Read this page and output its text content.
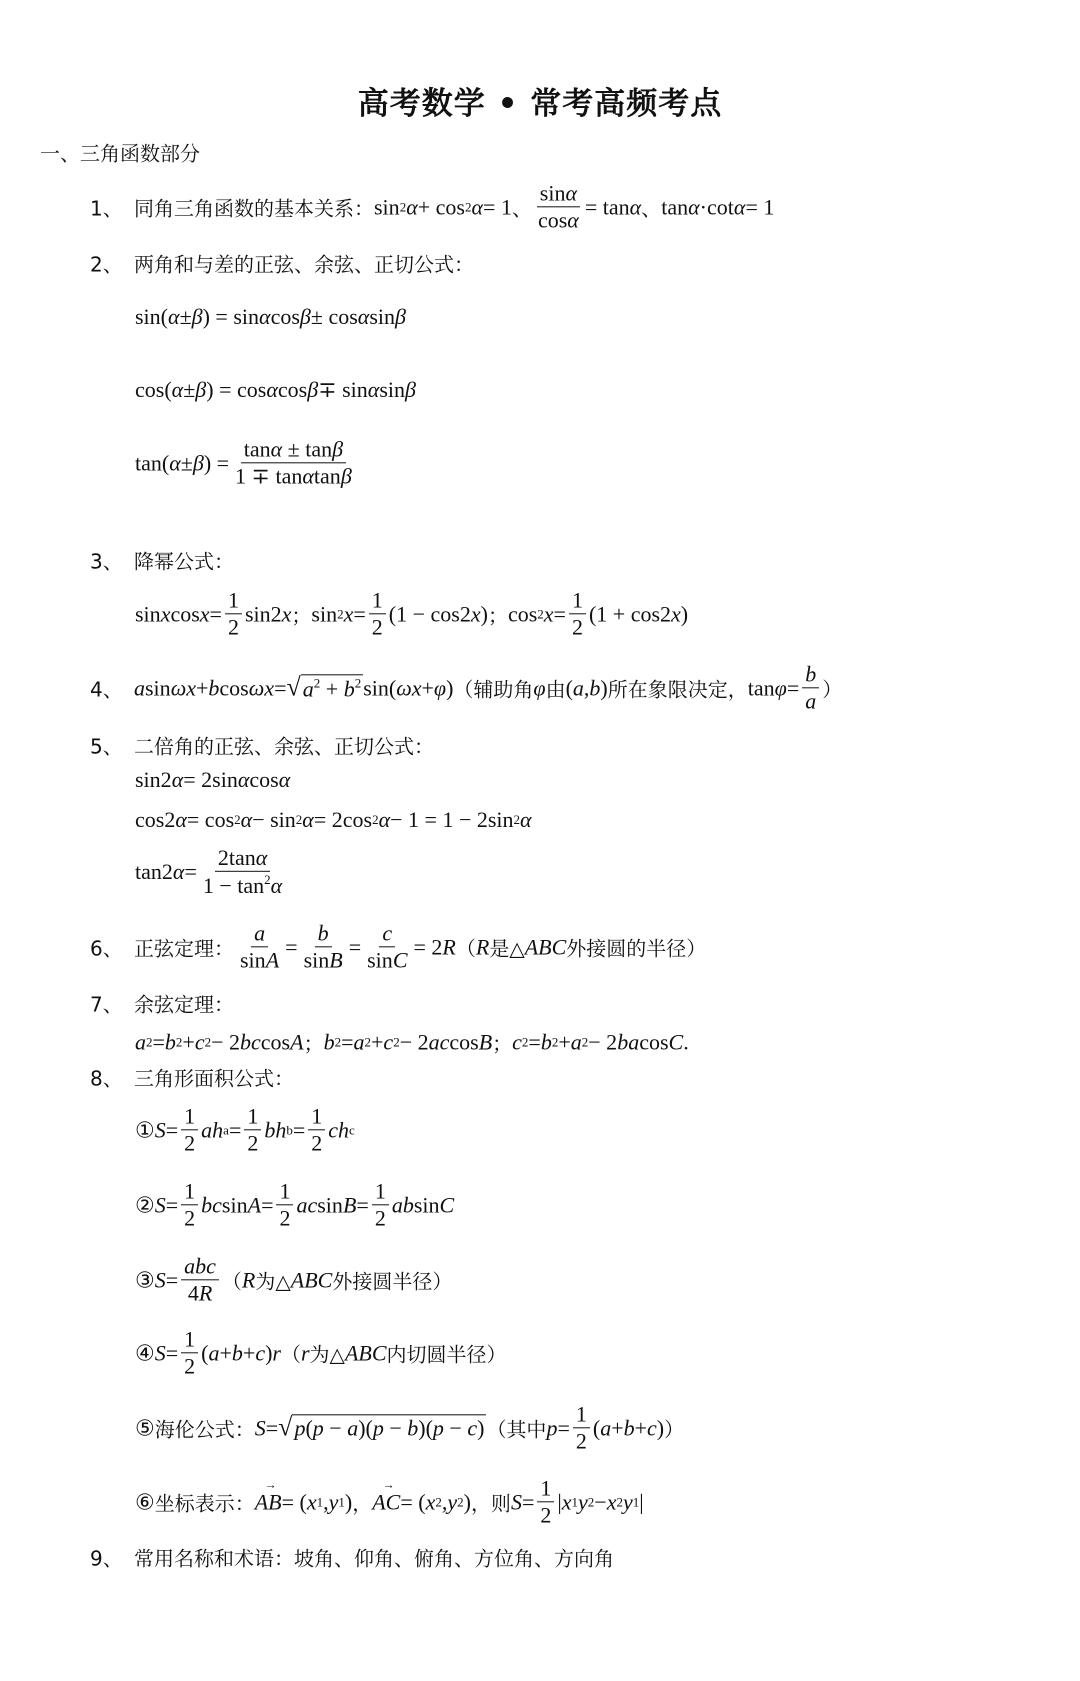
高考数学 • 常考高频考点
一、三角函数部分
1、 同角三角函数的基本关系： sin 2 α + cos 2 α = 1 、 $\frac{\sin\alpha}{\cos\alpha} = \tan \alpha$ 、 tan α ·cot α = 1
2、 两角和与差的正弦、余弦、正切公式：
sin( α ± β ) = sin α cos β ± cos α sin β
cos( α ± β ) = cos α cos β ∓ sin α sin β
tan( α ± β ) = $\frac{\tan\alpha \pm \tan\beta}{1 \mp \tan\alpha\tan\beta}$
3、 降幂公式：
sin x $\cos x = \frac{1}{2} \sin 2$ x ； sin 2 $x = \frac{1}{2} (1 - \cos 2$ x ) ； cos 2 $x = \frac{1}{2} (1 + \cos 2$ x )
4、 a sin ωx + b cos ωx = √ $a^2 + b^2$ sin( ωx + φ ) （辅助角 φ 由 ( a , b ) 所在象限决定， $\tan \varphi = \frac{b}{a}$ ）
5、 二倍角的正弦、余弦、正切公式：
sin2 α = 2sin α cos α
cos2 α = cos 2 α − sin 2 α = 2cos 2 α − 1 = 1 − 2sin 2 α
tan2 $\alpha = \frac{2\tan\alpha}{1 - \tan^2\alpha}$
6、 正弦定理： $\frac{a}{\sin A} = \frac{b}{\sin B} = \frac{c}{\sin C} = 2$ R （ R 是△ ABC 外接圆的半径）
7、 余弦定理：
a 2 = b 2 + c 2 − 2 bc cos A ； b 2 = a 2 + c 2 − 2 ac cos B ； c 2 = b 2 + a 2 − 2 ba cos C .
8、 三角形面积公式：
① $S = \frac{1}{2}$ ah $a = \frac{1}{2}$ bh $b = \frac{1}{2}$ ch c
② $S = \frac{1}{2}$ bc $\sin A = \frac{1}{2}$ ac $\sin B = \frac{1}{2}$ ab sin C
③ $S = \frac{\text{abc}}{4R}$ （ R 为△ ABC 外接圆半径）
④ $S = \frac{1}{2}$ ( a + b + c ) r （ r 为△ ABC 内切圆半径）
⑤ 海伦公式： S = √ p(p − a)(p − b)(p − c) （其中 $p = \frac{1}{2}$ ( a + b + c ) ）
⑥ 坐标表示： AB
→
= ( x 1 , y 1 ) ， AC
→
= ( x 2 , y 2 ) ，则 $S = \frac{1}{2}$ | x 1 y 2 − x 2 y 1 |
9、 常用名称和术语：坡角、仰角、俯角、方位角、方向角
